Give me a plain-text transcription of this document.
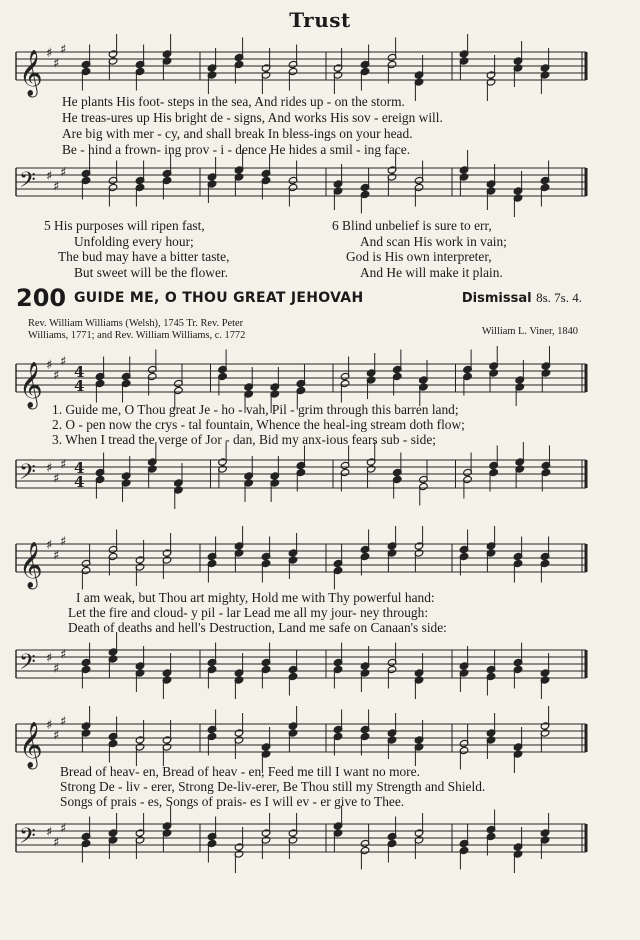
Trust
𝄞 ♯
♯
♯
He plants His foot- steps in the sea, And rides up - on the storm.
He treas-ures up His bright de - signs, And works His sov - ereign will.
Are big with mer - cy, and shall break In bless-ings on your head.
Be - hind a frown- ing prov - i - dence He hides a smil - ing face.
𝄢 ♯
♯
♯
5 His purposes will ripen fast,
Unfolding every hour;
The bud may have a bitter taste,
But sweet will be the flower.
6 Blind unbelief is sure to err,
And scan His work in vain;
God is His own interpreter,
And He will make it plain.
200 GUIDE ME, O THOU GREAT JEHOVAH	Dismissal 8s. 7s. 4.
Rev. William Williams (Welsh), 1745 Tr. Rev. Peter
Williams, 1771; and Rev. William Williams, c. 1772	William L. Viner, 1840
𝄞 ♯
♯
♯
4
4
1. Guide me, O Thou great Je - ho - vah, Pil - grim through this barren land;
2. O - pen now the crys - tal fountain, Whence the heal-ing stream doth flow;
3. When I tread the verge of Jor - dan, Bid my anx-ious fears sub - side;
𝄢 ♯
♯
♯ 4
4
𝄞 ♯
♯
♯
I am weak, but Thou art mighty, Hold me with Thy powerful hand:
Let the fire and cloud- y pil - lar Lead me all my jour- ney through:
Death of deaths and hell's Destruction, Land me safe on Canaan's side:
𝄢 ♯
♯
♯
𝄞 ♯
♯
♯
Bread of heav- en, Bread of heav - en, Feed me till I want no more.
Strong De - liv - erer, Strong De-liv-erer, Be Thou still my Strength and Shield.
Songs of prais - es, Songs of prais- es I will ev - er give to Thee.
𝄢 ♯
♯
♯
